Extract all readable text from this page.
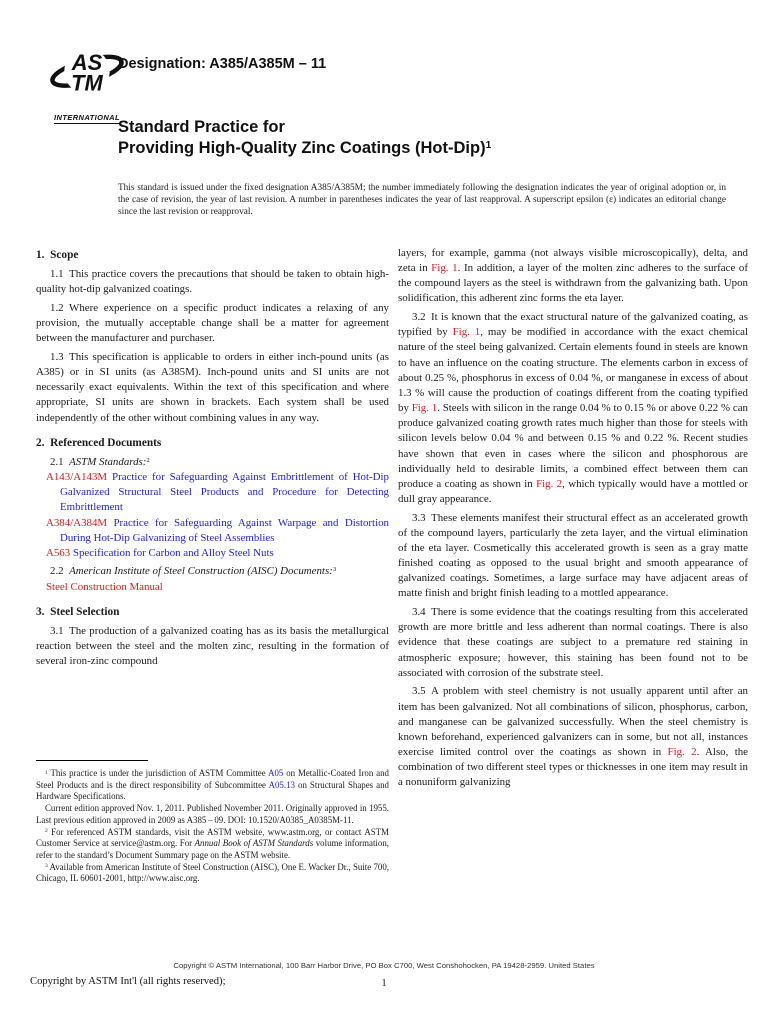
AS
TM
INTERNATIONAL
Designation: A385/A385M – 11
Standard Practice for
Providing High-Quality Zinc Coatings $(Hot-Dip)^1$
This standard is issued under the fixed designation A385/A385M; the number immediately following the designation indicates the year of original adoption or, in the case of revision, the year of last revision. A number in parentheses indicates the year of last reapproval. A superscript epsilon (ε) indicates an editorial change since the last revision or reapproval.
1. Scope
1.1 This practice covers the precautions that should be taken to obtain high-quality hot-dip galvanized coatings.
1.2 Where experience on a specific product indicates a relaxing of any provision, the mutually acceptable change shall be a matter for agreement between the manufacturer and purchaser.
1.3 This specification is applicable to orders in either inch-pound units (as A385) or in SI units (as A385M). Inch-pound units and SI units are not necessarily exact equivalents. Within the text of this specification and where appropriate, SI units are shown in brackets. Each system shall be used independently of the other without combining values in any way.
2. Referenced Documents
2.1 ASTM Standards:$^2$
A143/A143M Practice for Safeguarding Against Embrittlement of Hot-Dip Galvanized Structural Steel Products and Procedure for Detecting Embrittlement
A384/A384M Practice for Safeguarding Against Warpage and Distortion During Hot-Dip Galvanizing of Steel Assemblies
A563 Specification for Carbon and Alloy Steel Nuts
2.2 American Institute of Steel Construction (AISC) Documents:$^3$
Steel Construction Manual
3. Steel Selection
3.1 The production of a galvanized coating has as its basis the metallurgical reaction between the steel and the molten zinc, resulting in the formation of several iron-zinc compound
layers, for example, gamma (not always visible microscopically), delta, and zeta in Fig. 1. In addition, a layer of the molten zinc adheres to the surface of the compound layers as the steel is withdrawn from the galvanizing bath. Upon solidification, this adherent zinc forms the eta layer.
3.2 It is known that the exact structural nature of the galvanized coating, as typified by Fig. 1, may be modified in accordance with the exact chemical nature of the steel being galvanized. Certain elements found in steels are known to have an influence on the coating structure. The elements carbon in excess of about 0.25 %, phosphorus in excess of 0.04 %, or manganese in excess of about 1.3 % will cause the production of coatings different from the coating typified by Fig. 1. Steels with silicon in the range 0.04 % to 0.15 % or above 0.22 % can produce galvanized coating growth rates much higher than those for steels with silicon levels below 0.04 % and between 0.15 % and 0.22 %. Recent studies have shown that even in cases where the silicon and phosphorous are individually held to desirable limits, a combined effect between them can produce a coating as shown in Fig. 2, which typically would have a mottled or dull gray appearance.
3.3 These elements manifest their structural effect as an accelerated growth of the compound layers, particularly the zeta layer, and the virtual elimination of the eta layer. Cosmetically this accelerated growth is seen as a gray matte finished coating as opposed to the usual bright and smooth appearance of galvanized coatings. Sometimes, a large surface may have adjacent areas of matte finish and bright finish leading to a mottled appearance.
3.4 There is some evidence that the coatings resulting from this accelerated growth are more brittle and less adherent than normal coatings. There is also evidence that these coatings are subject to a premature red staining in atmospheric exposure; however, this staining has been found not to be associated with corrosion of the substrate steel.
3.5 A problem with steel chemistry is not usually apparent until after an item has been galvanized. Not all combinations of silicon, phosphorus, carbon, and manganese can be galvanized successfully. When the steel chemistry is known beforehand, experienced galvanizers can in some, but not all, instances exercise limited control over the coatings as shown in Fig. 2. Also, the combination of two different steel types or thicknesses in one item may result in a nonuniform galvanizing
$^1$ This practice is under the jurisdiction of ASTM Committee A05 on Metallic-Coated Iron and Steel Products and is the direct responsibility of Subcommittee A05.13 on Structural Shapes and Hardware Specifications.
Current edition approved Nov. 1, 2011. Published November 2011. Originally approved in 1955. Last previous edition approved in 2009 as A385 – 09. DOI: 10.1520/A0385_A0385M-11.
$^2$ For referenced ASTM standards, visit the ASTM website, www.astm.org, or contact ASTM Customer Service at service@astm.org. For Annual Book of ASTM Standards volume information, refer to the standard’s Document Summary page on the ASTM website.
$^3$ Available from American Institute of Steel Construction (AISC), One E. Wacker Dr., Suite 700, Chicago, IL 60601-2001, http://www.aisc.org.
Copyright © ASTM International, 100 Barr Harbor Drive, PO Box C700, West Conshohocken, PA 19428-2959. United States
Copyright by ASTM Int'l (all rights reserved);	1
